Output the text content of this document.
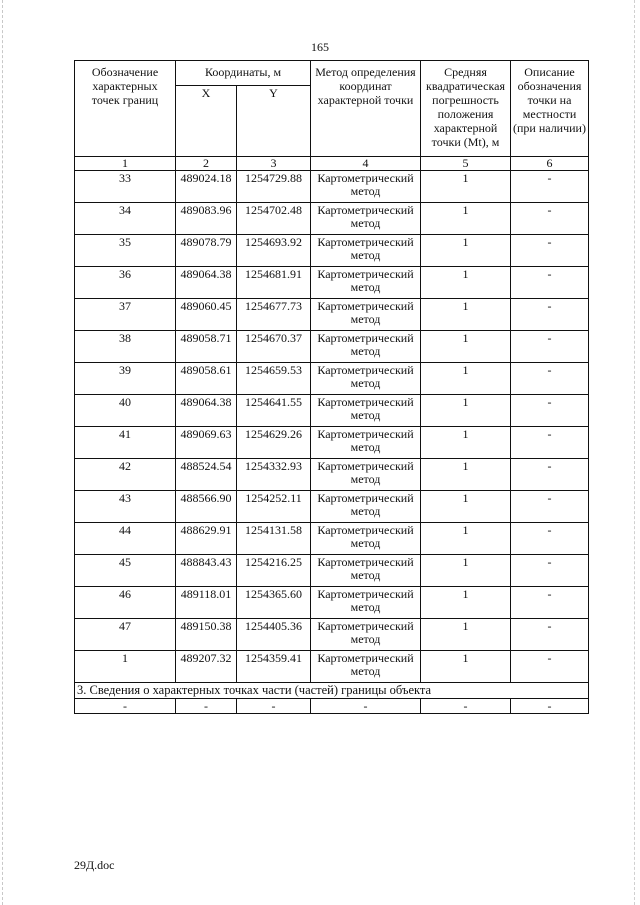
165
Обозначение характерных точек границ	Координаты, м		Метод определения координат характерной точки	Средняя квадратическая погрешность положения характерной точки (Mt), м	Описание обозначения точки на местности (при наличии)
	X	Y			
1	2	3	4	5	6
33	489024.18	1254729.88	Картометрический метод	1	-
34	489083.96	1254702.48	Картометрический метод	1	-
35	489078.79	1254693.92	Картометрический метод	1	-
36	489064.38	1254681.91	Картометрический метод	1	-
37	489060.45	1254677.73	Картометрический метод	1	-
38	489058.71	1254670.37	Картометрический метод	1	-
39	489058.61	1254659.53	Картометрический метод	1	-
40	489064.38	1254641.55	Картометрический метод	1	-
41	489069.63	1254629.26	Картометрический метод	1	-
42	488524.54	1254332.93	Картометрический метод	1	-
43	488566.90	1254252.11	Картометрический метод	1	-
44	488629.91	1254131.58	Картометрический метод	1	-
45	488843.43	1254216.25	Картометрический метод	1	-
46	489118.01	1254365.60	Картометрический метод	1	-
47	489150.38	1254405.36	Картометрический метод	1	-
1	489207.32	1254359.41	Картометрический метод	1	-
3. Сведения о характерных точках части (частей) границы объекта					
-	-	-	-	-	-
29Д.doc
